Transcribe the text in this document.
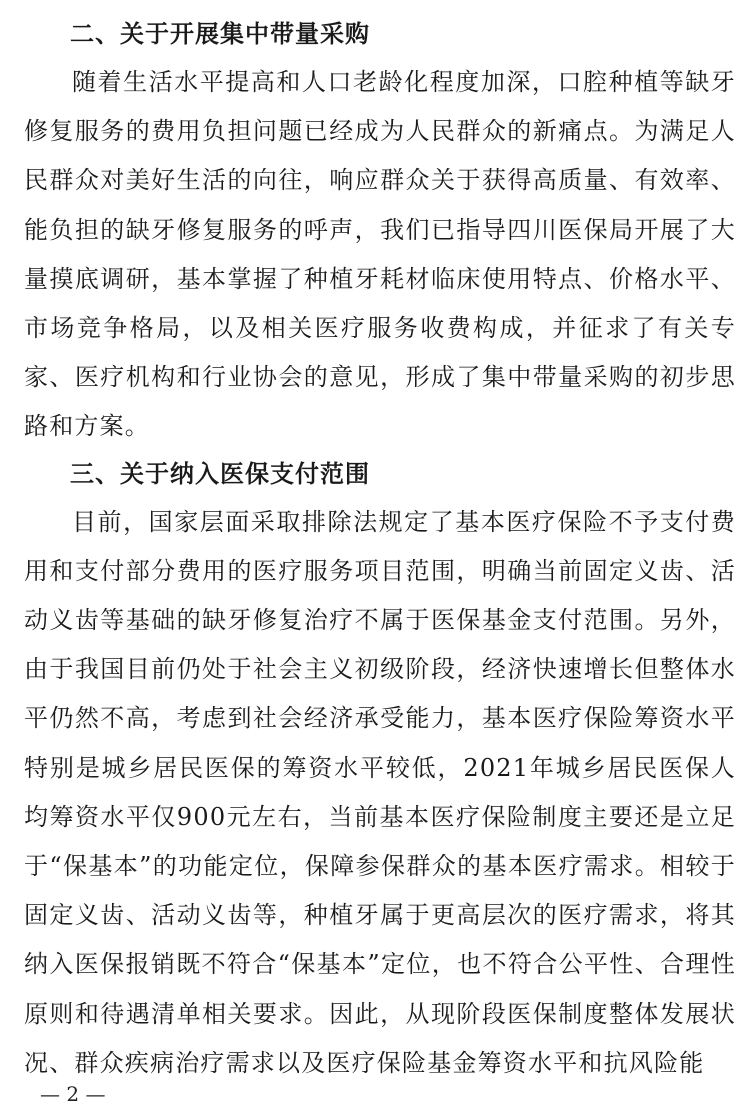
二、关于开展集中带量采购

随着生活水平提高和人口老龄化程度加深，口腔种植等缺牙修复服务的费用负担问题已经成为人民群众的新痛点。为满足人民群众对美好生活的向往，响应群众关于获得高质量、有效率、能负担的缺牙修复服务的呼声，我们已指导四川医保局开展了大量摸底调研，基本掌握了种植牙耗材临床使用特点、价格水平、市场竞争格局，以及相关医疗服务收费构成，并征求了有关专家、医疗机构和行业协会的意见，形成了集中带量采购的初步思路和方案。

三、关于纳入医保支付范围

目前，国家层面采取排除法规定了基本医疗保险不予支付费用和支付部分费用的医疗服务项目范围，明确当前固定义齿、活动义齿等基础的缺牙修复治疗不属于医保基金支付范围。另外，由于我国目前仍处于社会主义初级阶段，经济快速增长但整体水平仍然不高，考虑到社会经济承受能力，基本医疗保险筹资水平特别是城乡居民医保的筹资水平较低，2021年城乡居民医保人均筹资水平仅900元左右，当前基本医疗保险制度主要还是立足于“保基本”的功能定位，保障参保群众的基本医疗需求。相较于固定义齿、活动义齿等，种植牙属于更高层次的医疗需求，将其纳入医保报销既不符合“保基本”定位，也不符合公平性、合理性原则和待遇清单相关要求。因此，从现阶段医保制度整体发展状况、群众疾病治疗需求以及医疗保险基金筹资水平和抗风险能

— 2 —
